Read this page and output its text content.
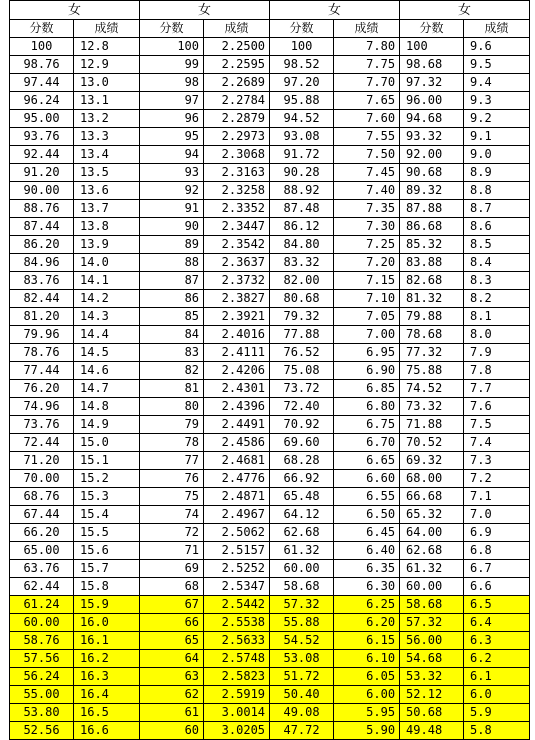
女		女		女		女	
分数	成绩	分数	成绩	分数	成绩	分数	成绩
100	12.8	100	2.2500	100	7.80	100	9.6
98.76	12.9	99	2.2595	98.52	7.75	98.68	9.5
97.44	13.0	98	2.2689	97.20	7.70	97.32	9.4
96.24	13.1	97	2.2784	95.88	7.65	96.00	9.3
95.00	13.2	96	2.2879	94.52	7.60	94.68	9.2
93.76	13.3	95	2.2973	93.08	7.55	93.32	9.1
92.44	13.4	94	2.3068	91.72	7.50	92.00	9.0
91.20	13.5	93	2.3163	90.28	7.45	90.68	8.9
90.00	13.6	92	2.3258	88.92	7.40	89.32	8.8
88.76	13.7	91	2.3352	87.48	7.35	87.88	8.7
87.44	13.8	90	2.3447	86.12	7.30	86.68	8.6
86.20	13.9	89	2.3542	84.80	7.25	85.32	8.5
84.96	14.0	88	2.3637	83.32	7.20	83.88	8.4
83.76	14.1	87	2.3732	82.00	7.15	82.68	8.3
82.44	14.2	86	2.3827	80.68	7.10	81.32	8.2
81.20	14.3	85	2.3921	79.32	7.05	79.88	8.1
79.96	14.4	84	2.4016	77.88	7.00	78.68	8.0
78.76	14.5	83	2.4111	76.52	6.95	77.32	7.9
77.44	14.6	82	2.4206	75.08	6.90	75.88	7.8
76.20	14.7	81	2.4301	73.72	6.85	74.52	7.7
74.96	14.8	80	2.4396	72.40	6.80	73.32	7.6
73.76	14.9	79	2.4491	70.92	6.75	71.88	7.5
72.44	15.0	78	2.4586	69.60	6.70	70.52	7.4
71.20	15.1	77	2.4681	68.28	6.65	69.32	7.3
70.00	15.2	76	2.4776	66.92	6.60	68.00	7.2
68.76	15.3	75	2.4871	65.48	6.55	66.68	7.1
67.44	15.4	74	2.4967	64.12	6.50	65.32	7.0
66.20	15.5	72	2.5062	62.68	6.45	64.00	6.9
65.00	15.6	71	2.5157	61.32	6.40	62.68	6.8
63.76	15.7	69	2.5252	60.00	6.35	61.32	6.7
62.44	15.8	68	2.5347	58.68	6.30	60.00	6.6
61.24	15.9	67	2.5442	57.32	6.25	58.68	6.5
60.00	16.0	66	2.5538	55.88	6.20	57.32	6.4
58.76	16.1	65	2.5633	54.52	6.15	56.00	6.3
57.56	16.2	64	2.5748	53.08	6.10	54.68	6.2
56.24	16.3	63	2.5823	51.72	6.05	53.32	6.1
55.00	16.4	62	2.5919	50.40	6.00	52.12	6.0
53.80	16.5	61	3.0014	49.08	5.95	50.68	5.9
52.56	16.6	60	3.0205	47.72	5.90	49.48	5.8
